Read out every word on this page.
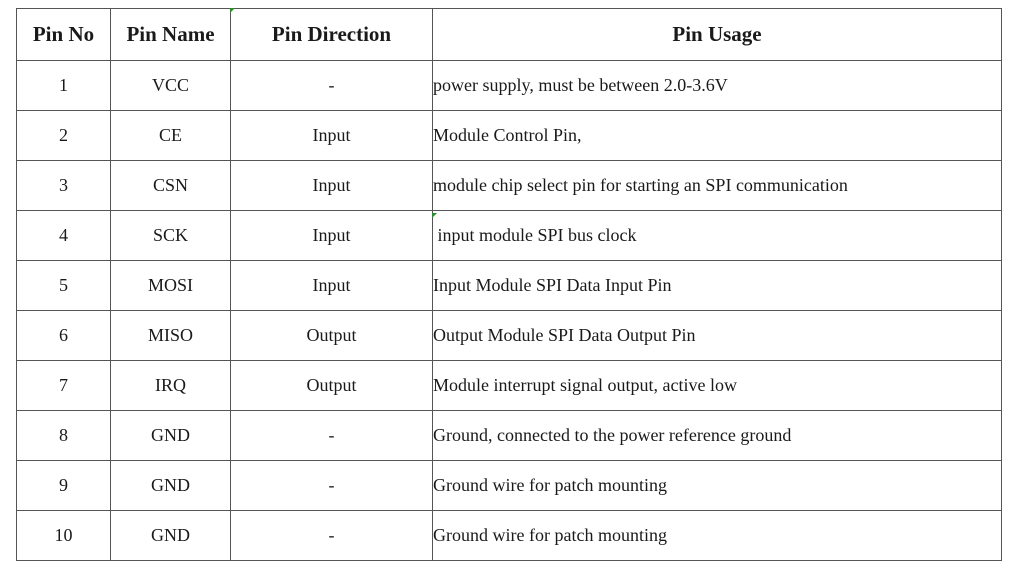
Pin No	Pin Name	Pin Direction	Pin Usage
1	VCC	-	power supply, must be between 2.0-3.6V
2	CE	Input	Module Control Pin,
3	CSN	Input	module chip select pin for starting an SPI communication
4	SCK	Input	input module SPI bus clock
5	MOSI	Input	Input Module SPI Data Input Pin
6	MISO	Output	Output Module SPI Data Output Pin
7	IRQ	Output	Module interrupt signal output, active low
8	GND	-	Ground, connected to the power reference ground
9	GND	-	Ground wire for patch mounting
10	GND	-	Ground wire for patch mounting
